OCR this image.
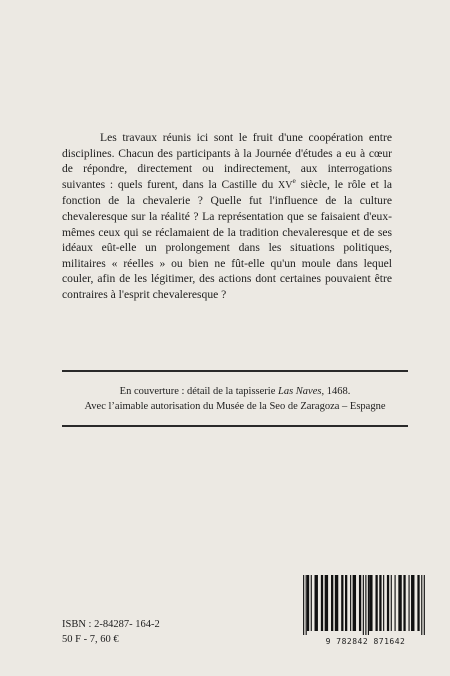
Les travaux réunis ici sont le fruit d'une coopération entre disciplines. Chacun des participants à la Journée d'études a eu à cœur de répondre, directement ou indirectement, aux interrogations suivantes : quels furent, dans la Castille du XVe siècle, le rôle et la fonction de la chevalerie ? Quelle fut l'influence de la culture chevaleresque sur la réalité ? La représentation que se faisaient d'eux-mêmes ceux qui se réclamaient de la tradition chevaleresque et de ses idéaux eût-elle un prolongement dans les situations politiques, militaires « réelles » ou bien ne fût-elle qu'un moule dans lequel couler, afin de les légitimer, des actions dont certaines pouvaient être contraires à l'esprit chevaleresque ?

En couverture : détail de la tapisserie Las Naves, 1468.
Avec l’aimable autorisation du Musée de la Seo de Zaragoza – Espagne
ISBN : 2-84287- 164-2
50 F - 7, 60 €	9 782842 871642
